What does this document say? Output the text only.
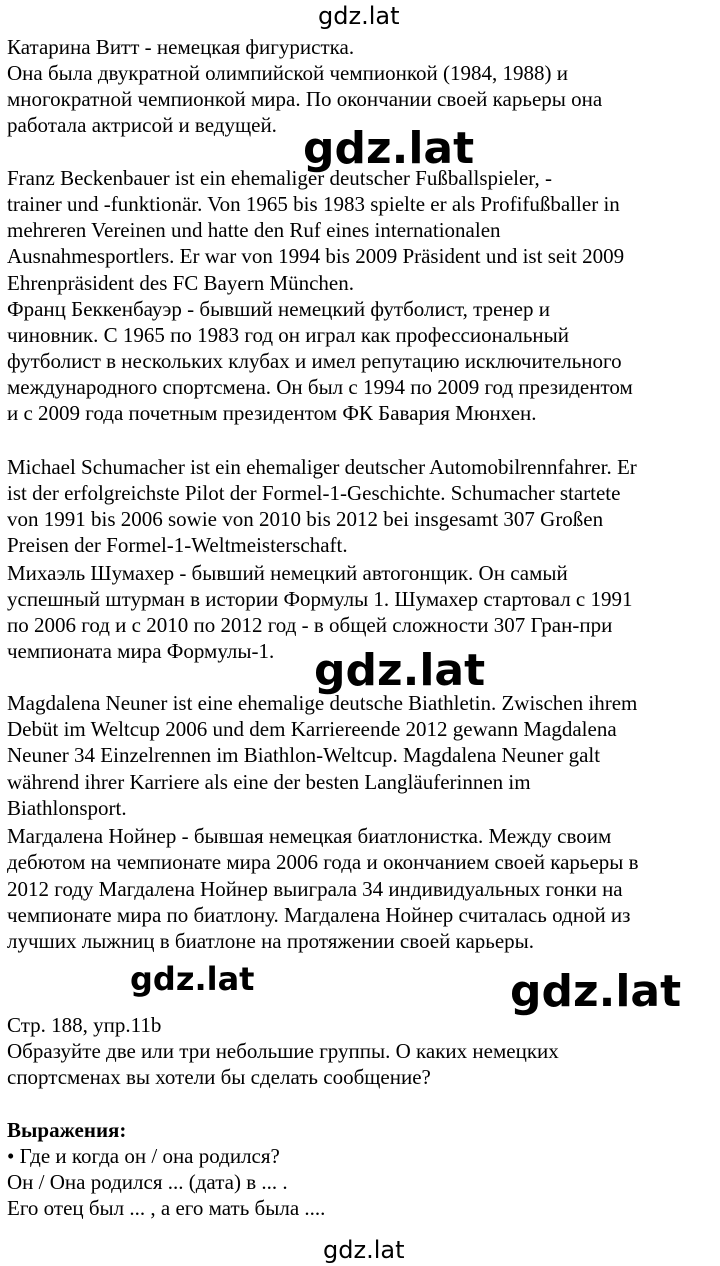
gdz.lat
gdz.lat
gdz.lat
gdz.lat	gdz.lat
gdz.lat
Катарина Витт - немецкая фигуристка.
Она была двукратной олимпийской чемпионкой (1984, 1988) и
многократной чемпионкой мира. По окончании своей карьеры она
работала актрисой и ведущей.
Franz Beckenbauer ist ein ehemaliger deutscher Fußballspieler, -
trainer und -funktionär. Von 1965 bis 1983 spielte er als Profifußballer in
mehreren Vereinen und hatte den Ruf eines internationalen
Ausnahmesportlers. Er war von 1994 bis 2009 Präsident und ist seit 2009
Ehrenpräsident des FC Bayern München.
Франц Беккенбауэр - бывший немецкий футболист, тренер и
чиновник. С 1965 по 1983 год он играл как профессиональный
футболист в нескольких клубах и имел репутацию исключительного
международного спортсмена. Он был с 1994 по 2009 год президентом
и с 2009 года почетным президентом ФК Бавария Мюнхен.
Michael Schumacher ist ein ehemaliger deutscher Automobilrennfahrer. Er
ist der erfolgreichste Pilot der Formel-1-Geschichte. Schumacher startete
von 1991 bis 2006 sowie von 2010 bis 2012 bei insgesamt 307 Großen
Preisen der Formel-1-Weltmeisterschaft.
Михаэль Шумахер - бывший немецкий автогонщик. Он самый
успешный штурман в истории Формулы 1. Шумахер стартовал с 1991
по 2006 год и с 2010 по 2012 год - в общей сложности 307 Гран-при
чемпионата мира Формулы-1.
Magdalena Neuner ist eine ehemalige deutsche Biathletin. Zwischen ihrem
Debüt im Weltcup 2006 und dem Karriereende 2012 gewann Magdalena
Neuner 34 Einzelrennen im Biathlon-Weltcup. Magdalena Neuner galt
während ihrer Karriere als eine der besten Langläuferinnen im
Biathlonsport.
Магдалена Нойнер - бывшая немецкая биатлонистка. Между своим
дебютом на чемпионате мира 2006 года и окончанием своей карьеры в
2012 году Магдалена Нойнер выиграла 34 индивидуальных гонки на
чемпионате мира по биатлону. Магдалена Нойнер считалась одной из
лучших лыжниц в биатлоне на протяжении своей карьеры.
Стр. 188, упр.11b
Образуйте две или три небольшие группы. О каких немецких
спортсменах вы хотели бы сделать сообщение?
Выражения:
• Где и когда он / она родился?
Он / Она родился ... (дата) в ... .
Его отец был ... , а его мать была ....
